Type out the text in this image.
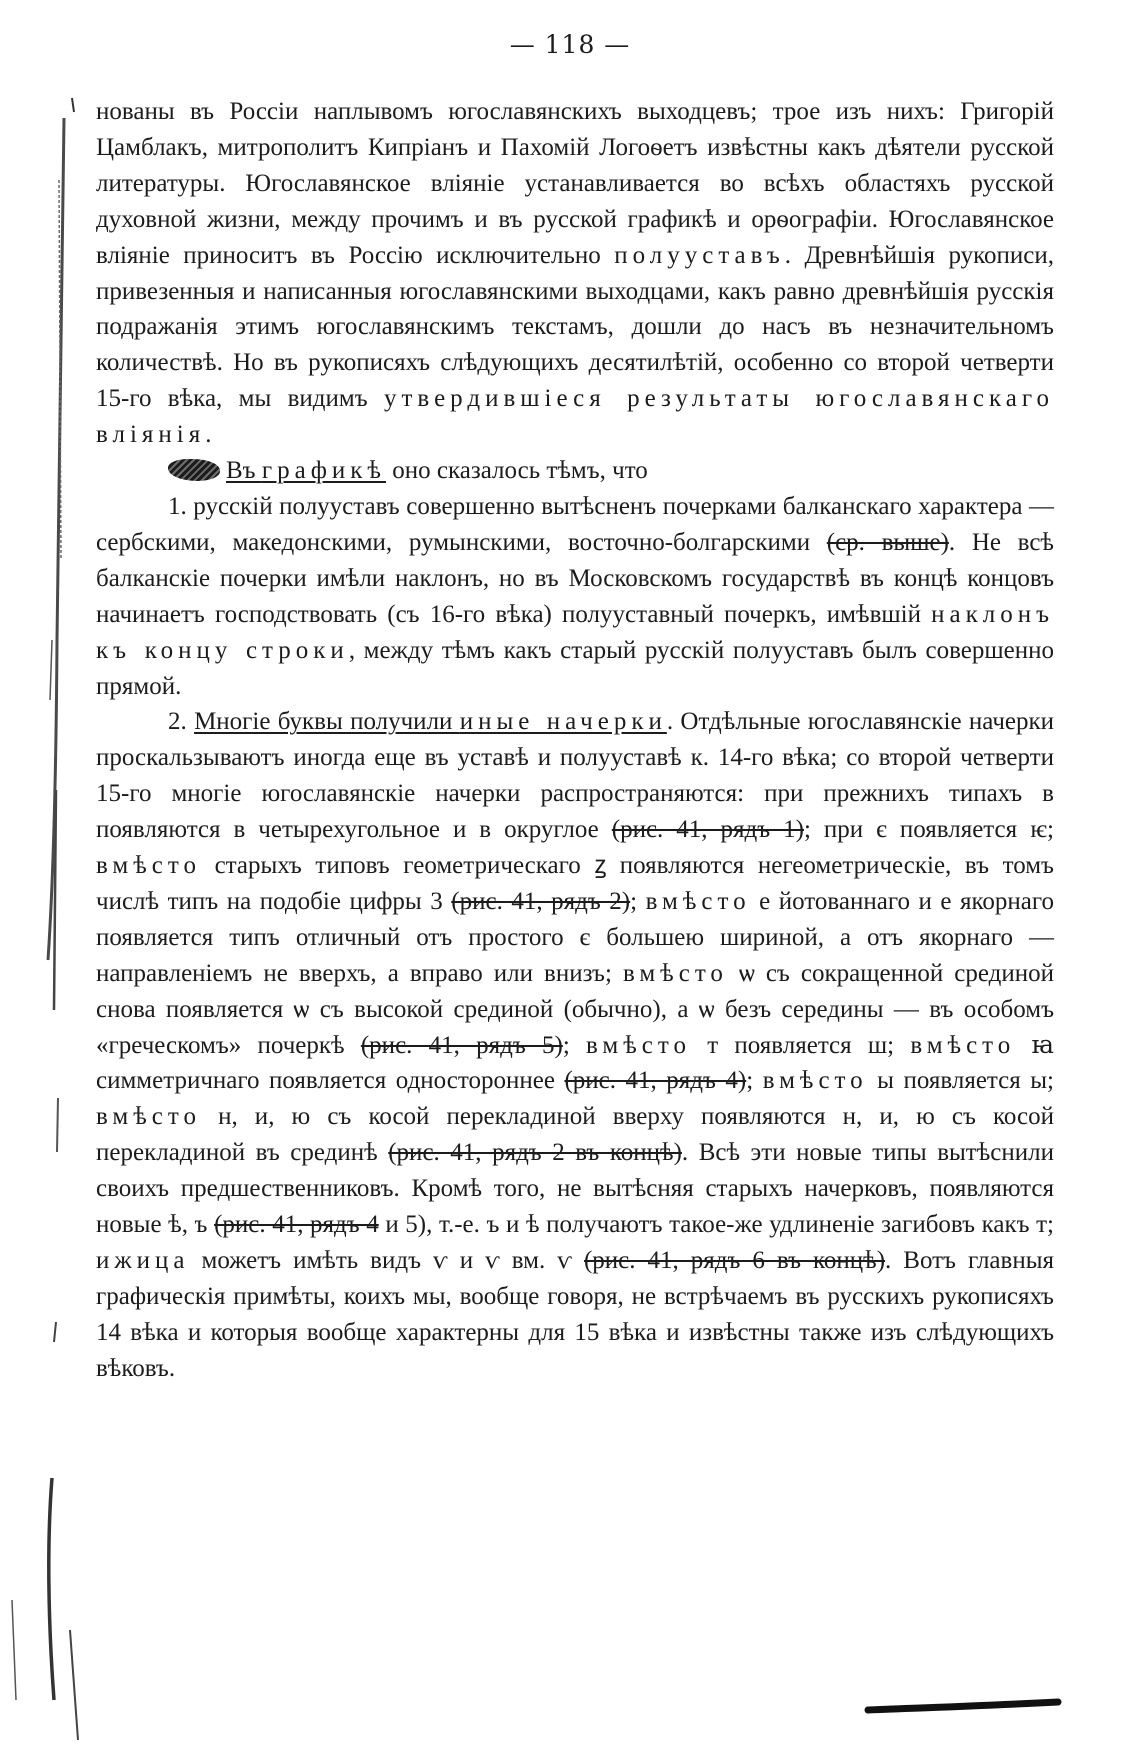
— 118 —

нованы въ Россіи наплывомъ югославянскихъ выходцевъ; трое изъ нихъ: Григорій Цамблакъ, митрополитъ Кипріанъ и Пахомій Логоѳетъ извѣстны какъ дѣятели русской литературы. Югославянское вліяніе устанавливается во всѣхъ областяхъ русской духовной жизни, между прочимъ и въ русской графикѣ и орѳографіи. Югославянское вліяніе приноситъ въ Россію исключительно полууставъ. Древнѣйшія рукописи, привезенныя и написанныя югославянскими выходцами, какъ равно древнѣйшія русскія подражанія этимъ югославянскимъ текстамъ, дошли до насъ въ незначительномъ количествѣ. Но въ рукописяхъ слѣдующихъ десятилѣтій, особенно со второй четверти 15-го вѣка, мы видимъ утвердившіеся результаты югославянскаго вліянія.

Въ графикѣ оно сказалось тѣмъ, что

1. русскій полууставъ совершенно вытѣсненъ почерками балканскаго характера — сербскими, македонскими, румынскими, восточно-болгарскими (ср. выше). Не всѣ балканскіе почерки имѣли наклонъ, но въ Московскомъ государствѣ въ концѣ концовъ начинаетъ господствовать (съ 16-го вѣка) полууставный почеркъ, имѣвшій наклонъ къ концу строки, между тѣмъ какъ старый русскій полууставъ былъ совершенно прямой.

2. Многіе буквы получили иные начерки. Отдѣльные югославянскіе начерки проскальзываютъ иногда еще въ уставѣ и полууставѣ к. 14-го вѣка; со второй четверти 15-го многіе югославянскіе начерки распространяются: при прежнихъ типахъ в появляются в четырехугольное и в округлое (рис. 41, рядъ 1); при є появляется ѥ; вмѣсто старыхъ типовъ геометрическаго ꙁ появляются негеометрическіе, въ томъ числѣ типъ на подобіе цифры 3 (рис. 41, рядъ 2); вмѣсто е йотованнаго и е якорнаго появляется типъ отличный отъ простого є большею шириной, а отъ якорнаго — направленіемъ не вверхъ, а вправо или внизъ; вмѣсто ѡ съ сокращенной срединой снова появляется ѡ съ высокой срединой (обычно), а ѡ безъ середины — въ особомъ «греческомъ» почеркѣ (рис. 41, рядъ 5); вмѣсто т появляется ш; вмѣсто ꙗ симметричнаго появляется одностороннее (рис. 41, рядъ 4); вмѣсто ы появляется ы; вмѣсто н, и, ю съ косой перекладиной вверху появляются н, и, ю съ косой перекладиной въ срединѣ (рис. 41, рядъ 2 въ концѣ). Всѣ эти новые типы вытѣснили своихъ предшественниковъ. Кромѣ того, не вытѣсняя старыхъ начерковъ, появляются новые ѣ, ъ (рис. 41, рядъ 4 и 5), т.-е. ъ и ѣ получаютъ такое-же удлиненіе загибовъ какъ т; ижица можетъ имѣть видъ ѵ и ѵ вм. ѵ (рис. 41, рядъ 6 въ концѣ). Вотъ главныя графическія примѣты, коихъ мы, вообще говоря, не встрѣчаемъ въ русскихъ рукописяхъ 14 вѣка и которыя вообще характерны для 15 вѣка и извѣстны также изъ слѣдующихъ вѣковъ.
